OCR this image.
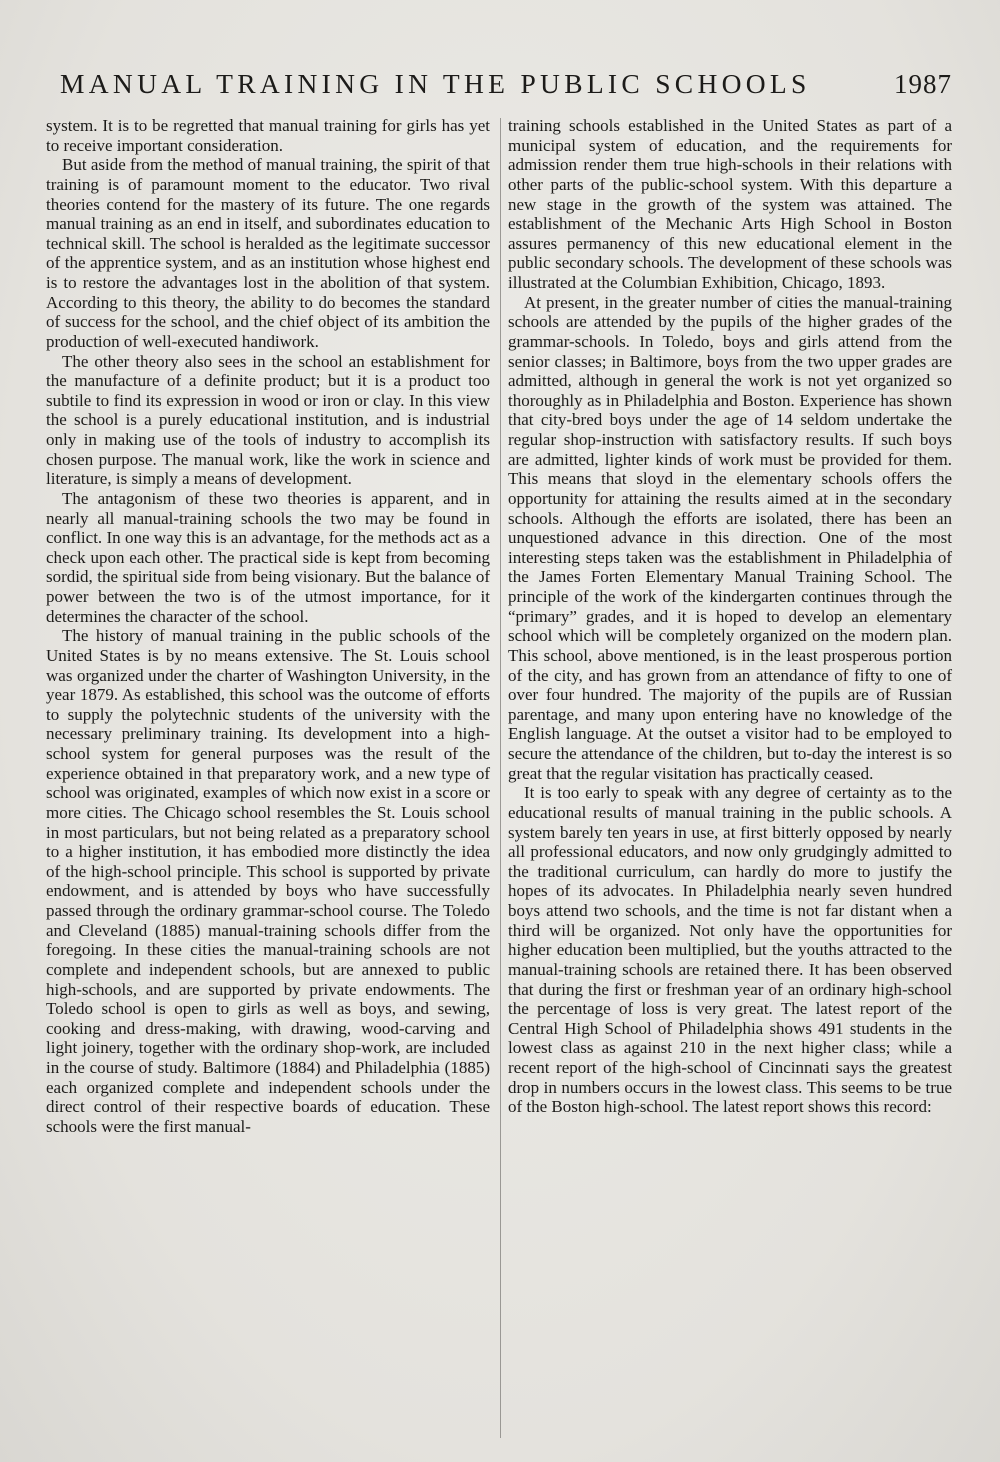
MANUAL TRAINING IN THE PUBLIC SCHOOLS	1987

system. It is to be regretted that manual training for girls has yet to receive important consideration.

But aside from the method of manual training, the spirit of that training is of paramount moment to the educator. Two rival theories contend for the mastery of its future. The one regards manual training as an end in itself, and subordinates education to technical skill. The school is heralded as the legitimate successor of the apprentice system, and as an institution whose highest end is to restore the advantages lost in the abolition of that system. According to this theory, the ability to do becomes the standard of success for the school, and the chief object of its ambition the production of well-executed handiwork.

The other theory also sees in the school an establishment for the manufacture of a definite product; but it is a product too subtile to find its expression in wood or iron or clay. In this view the school is a purely educational institution, and is industrial only in making use of the tools of industry to accomplish its chosen purpose. The manual work, like the work in science and literature, is simply a means of development.

The antagonism of these two theories is apparent, and in nearly all manual-training schools the two may be found in conflict. In one way this is an advantage, for the methods act as a check upon each other. The practical side is kept from becoming sordid, the spiritual side from being visionary. But the balance of power between the two is of the utmost importance, for it determines the character of the school.

The history of manual training in the public schools of the United States is by no means extensive. The St. Louis school was organized under the charter of Washington University, in the year 1879. As established, this school was the outcome of efforts to supply the polytechnic students of the university with the necessary preliminary training. Its development into a high-school system for general purposes was the result of the experience obtained in that preparatory work, and a new type of school was originated, examples of which now exist in a score or more cities. The Chicago school resembles the St. Louis school in most particulars, but not being related as a preparatory school to a higher institution, it has embodied more distinctly the idea of the high-school principle. This school is supported by private endowment, and is attended by boys who have successfully passed through the ordinary grammar-school course. The Toledo and Cleveland (1885) manual-training schools differ from the foregoing. In these cities the manual-training schools are not complete and independent schools, but are annexed to public high-schools, and are supported by private endowments. The Toledo school is open to girls as well as boys, and sewing, cooking and dress-making, with drawing, wood-carving and light joinery, together with the ordinary shop-work, are included in the course of study. Baltimore (1884) and Philadelphia (1885) each organized complete and independent schools under the direct control of their respective boards of education. These schools were the first manual-

training schools established in the United States as part of a municipal system of education, and the requirements for admission render them true high-schools in their relations with other parts of the public-school system. With this departure a new stage in the growth of the system was attained. The establishment of the Mechanic Arts High School in Boston assures permanency of this new educational element in the public secondary schools. The development of these schools was illustrated at the Columbian Exhibition, Chicago, 1893.

At present, in the greater number of cities the manual-training schools are attended by the pupils of the higher grades of the grammar-schools. In Toledo, boys and girls attend from the senior classes; in Baltimore, boys from the two upper grades are admitted, although in general the work is not yet organized so thoroughly as in Philadelphia and Boston. Experience has shown that city-bred boys under the age of 14 seldom undertake the regular shop-instruction with satisfactory results. If such boys are admitted, lighter kinds of work must be provided for them. This means that sloyd in the elementary schools offers the opportunity for attaining the results aimed at in the secondary schools. Although the efforts are isolated, there has been an unquestioned advance in this direction. One of the most interesting steps taken was the establishment in Philadelphia of the James Forten Elementary Manual Training School. The principle of the work of the kindergarten continues through the “primary” grades, and it is hoped to develop an elementary school which will be completely organized on the modern plan. This school, above mentioned, is in the least prosperous portion of the city, and has grown from an attendance of fifty to one of over four hundred. The majority of the pupils are of Russian parentage, and many upon entering have no knowledge of the English language. At the outset a visitor had to be employed to secure the attendance of the children, but to-day the interest is so great that the regular visitation has practically ceased.

It is too early to speak with any degree of certainty as to the educational results of manual training in the public schools. A system barely ten years in use, at first bitterly opposed by nearly all professional educators, and now only grudgingly admitted to the traditional curriculum, can hardly do more to justify the hopes of its advocates. In Philadelphia nearly seven hundred boys attend two schools, and the time is not far distant when a third will be organized. Not only have the opportunities for higher education been multiplied, but the youths attracted to the manual-training schools are retained there. It has been observed that during the first or freshman year of an ordinary high-school the percentage of loss is very great. The latest report of the Central High School of Philadelphia shows 491 students in the lowest class as against 210 in the next higher class; while a recent report of the high-school of Cincinnati says the greatest drop in numbers occurs in the lowest class. This seems to be true of the Boston high-school. The latest report shows this record:
